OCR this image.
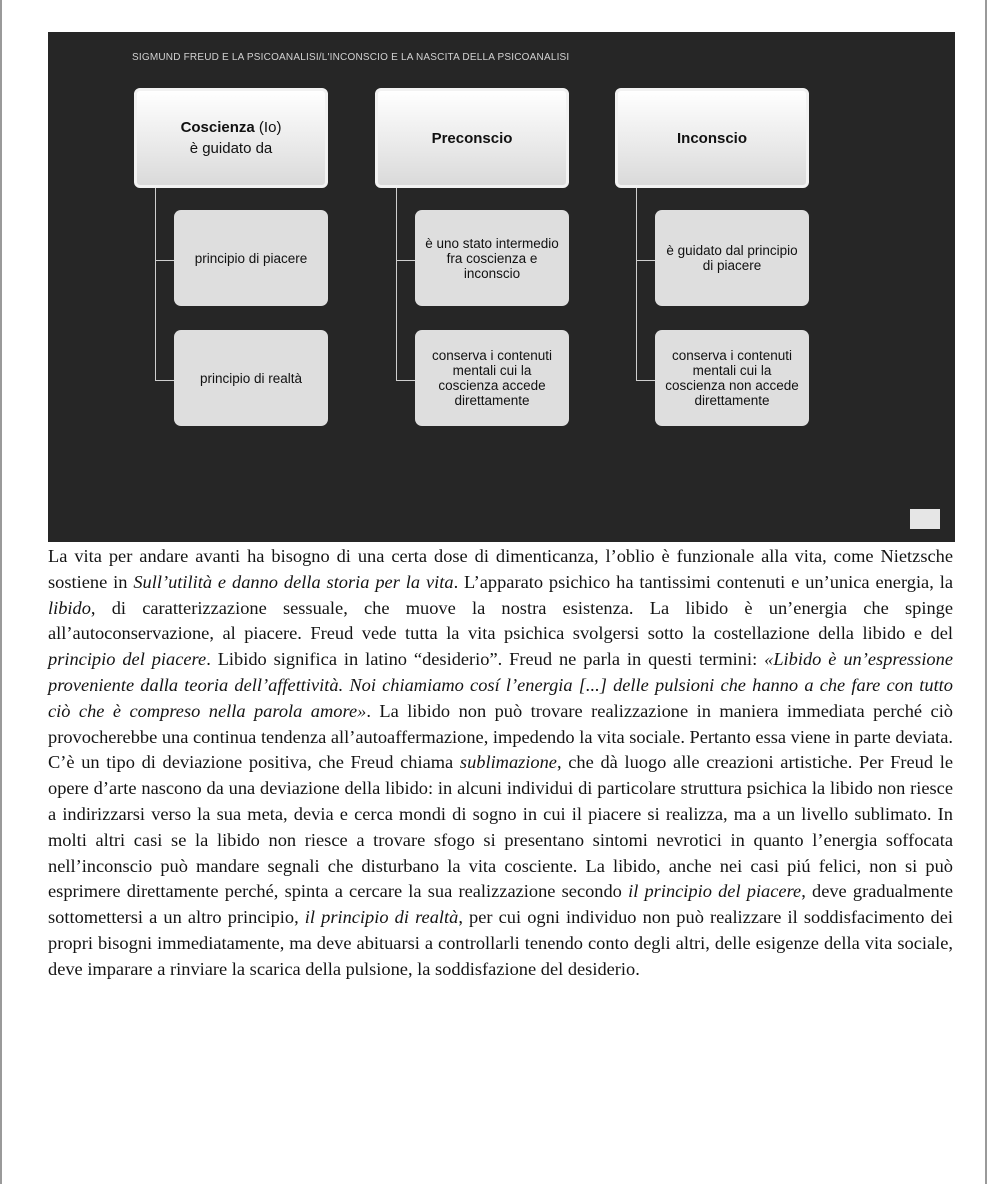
SIGMUND FREUD E LA PSICOANALISI/L'INCONSCIO E LA NASCITA DELLA PSICOANALISI
Coscienza (Io)
è guidato da
principio di piacere
principio di realtà
Preconscio
è uno stato intermedio fra coscienza e inconscio
conserva i contenuti mentali cui la coscienza accede direttamente
Inconscio
è guidato dal principio di piacere
conserva i contenuti mentali cui la coscienza non accede direttamente

La vita per andare avanti ha bisogno di una certa dose di dimenticanza, l’oblio è funzionale alla vita, come Nietzsche sostiene in Sull’utilità e danno della storia per la vita. L’apparato psichico ha tantissimi contenuti e un’unica energia, la libido, di caratterizzazione sessuale, che muove la nostra esistenza. La libido è un’energia che spinge all’autoconservazione, al piacere. Freud vede tutta la vita psichica svolgersi sotto la costellazione della libido e del principio del piacere. Libido significa in latino “desiderio”. Freud ne parla in questi termini: «Libido è un’espressione proveniente dalla teoria dell’affettività. Noi chiamiamo cosí l’energia [...] delle pulsioni che hanno a che fare con tutto ciò che è compreso nella parola amore». La libido non può trovare realizzazione in maniera immediata perché ciò provocherebbe una continua tendenza all’autoaffermazione, impedendo la vita sociale. Pertanto essa viene in parte deviata. C’è un tipo di deviazione positiva, che Freud chiama sublimazione, che dà luogo alle creazioni artistiche. Per Freud le opere d’arte nascono da una deviazione della libido: in alcuni individui di particolare struttura psichica la libido non riesce a indirizzarsi verso la sua meta, devia e cerca mondi di sogno in cui il piacere si realizza, ma a un livello sublimato. In molti altri casi se la libido non riesce a trovare sfogo si presentano sintomi nevrotici in quanto l’energia soffocata nell’inconscio può mandare segnali che disturbano la vita cosciente. La libido, anche nei casi piú felici, non si può esprimere direttamente perché, spinta a cercare la sua realizzazione secondo il principio del piacere, deve gradualmente sottomettersi a un altro principio, il principio di realtà, per cui ogni individuo non può realizzare il soddisfacimento dei propri bisogni immediatamente, ma deve abituarsi a controllarli tenendo conto degli altri, delle esigenze della vita sociale, deve imparare a rinviare la scarica della pulsione, la soddisfazione del desiderio.
